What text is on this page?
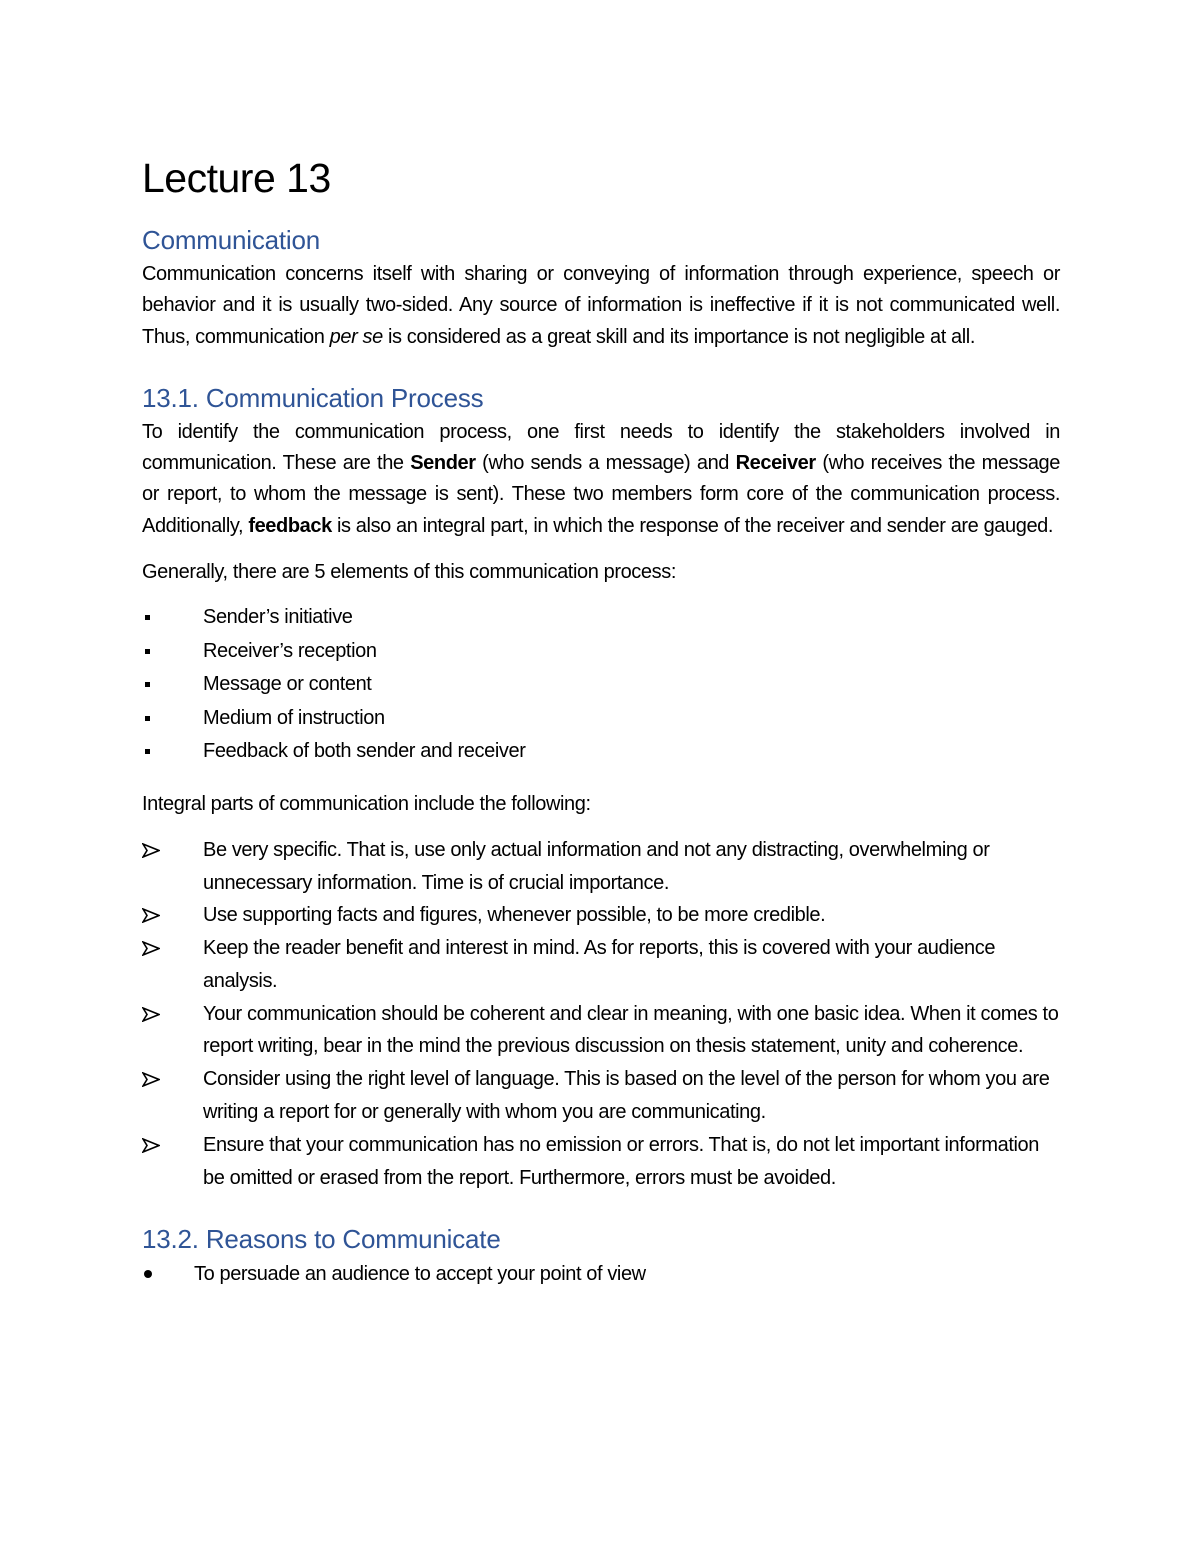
Lecture 13
Communication

Communication concerns itself with sharing or conveying of information through experience, speech or behavior and it is usually two-sided. Any source of information is ineffective if it is not communicated well. Thus, communication per se is considered as a great skill and its importance is not negligible at all.

13.1. Communication Process

To identify the communication process, one first needs to identify the stakeholders involved in communication. These are the Sender (who sends a message) and Receiver (who receives the message or report, to whom the message is sent). These two members form core of the communication process. Additionally, feedback is also an integral part, in which the response of the receiver and sender are gauged.

Generally, there are 5 elements of this communication process:

Sender’s initiative
Receiver’s reception
Message or content
Medium of instruction
Feedback of both sender and receiver

Integral parts of communication include the following:

Be very specific. That is, use only actual information and not any distracting, overwhelming or unnecessary information. Time is of crucial importance.
Use supporting facts and figures, whenever possible, to be more credible.
Keep the reader benefit and interest in mind. As for reports, this is covered with your audience analysis.
Your communication should be coherent and clear in meaning, with one basic idea. When it comes to report writing, bear in the mind the previous discussion on thesis statement, unity and coherence.
Consider using the right level of language. This is based on the level of the person for whom you are writing a report for or generally with whom you are communicating.
Ensure that your communication has no emission or errors. That is, do not let important information be omitted or erased from the report. Furthermore, errors must be avoided.
13.2. Reasons to Communicate
To persuade an audience to accept your point of view
